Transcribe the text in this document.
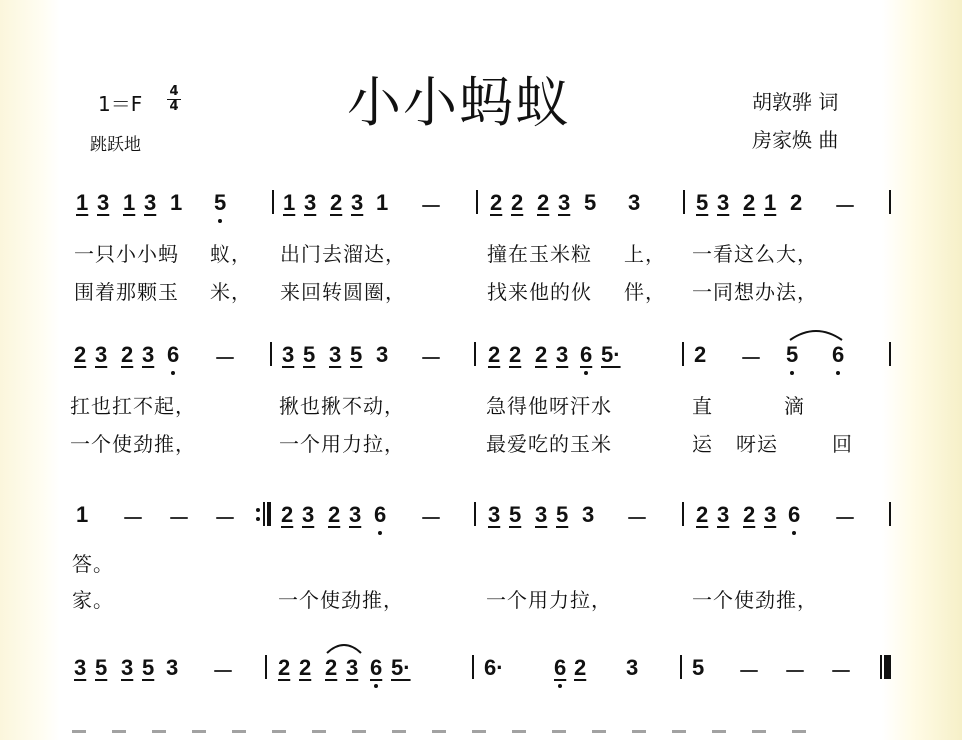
1＝F
4
4
跳跃地
小小蚂蚁	胡敦骅 词
房家焕 曲
1 3 1 3 1 5	1 3 2 3 1 － 2 2 2 3 5 3	5 3 2 1 2 －
一只小小蚂 蚁， 出门去溜达，	撞在玉米粒 上， 一看这么大，
围着那颗玉 米， 来回转圆圈，	找来他的伙 伴， 一同想办法，
2 3 2 3 6 － 3 5 3 5 3 － 2 2 2 3 6 5·	2 － 5 6
扛也扛不起，	揪也揪不动，	急得他呀汗水	直	滴
一个使劲推，	一个用力拉，	最爱吃的玉米	运 呀运	回
1 － － － 2 3 2 3 6 － 3 5 3 5 3 － 2 3 2 3 6 －
答。
家。	一个使劲推，	一个用力拉，	一个使劲推，
3 5 3 5 3 － 2 2 2 3 6 5·	6· 6 2 3 5 － － －
